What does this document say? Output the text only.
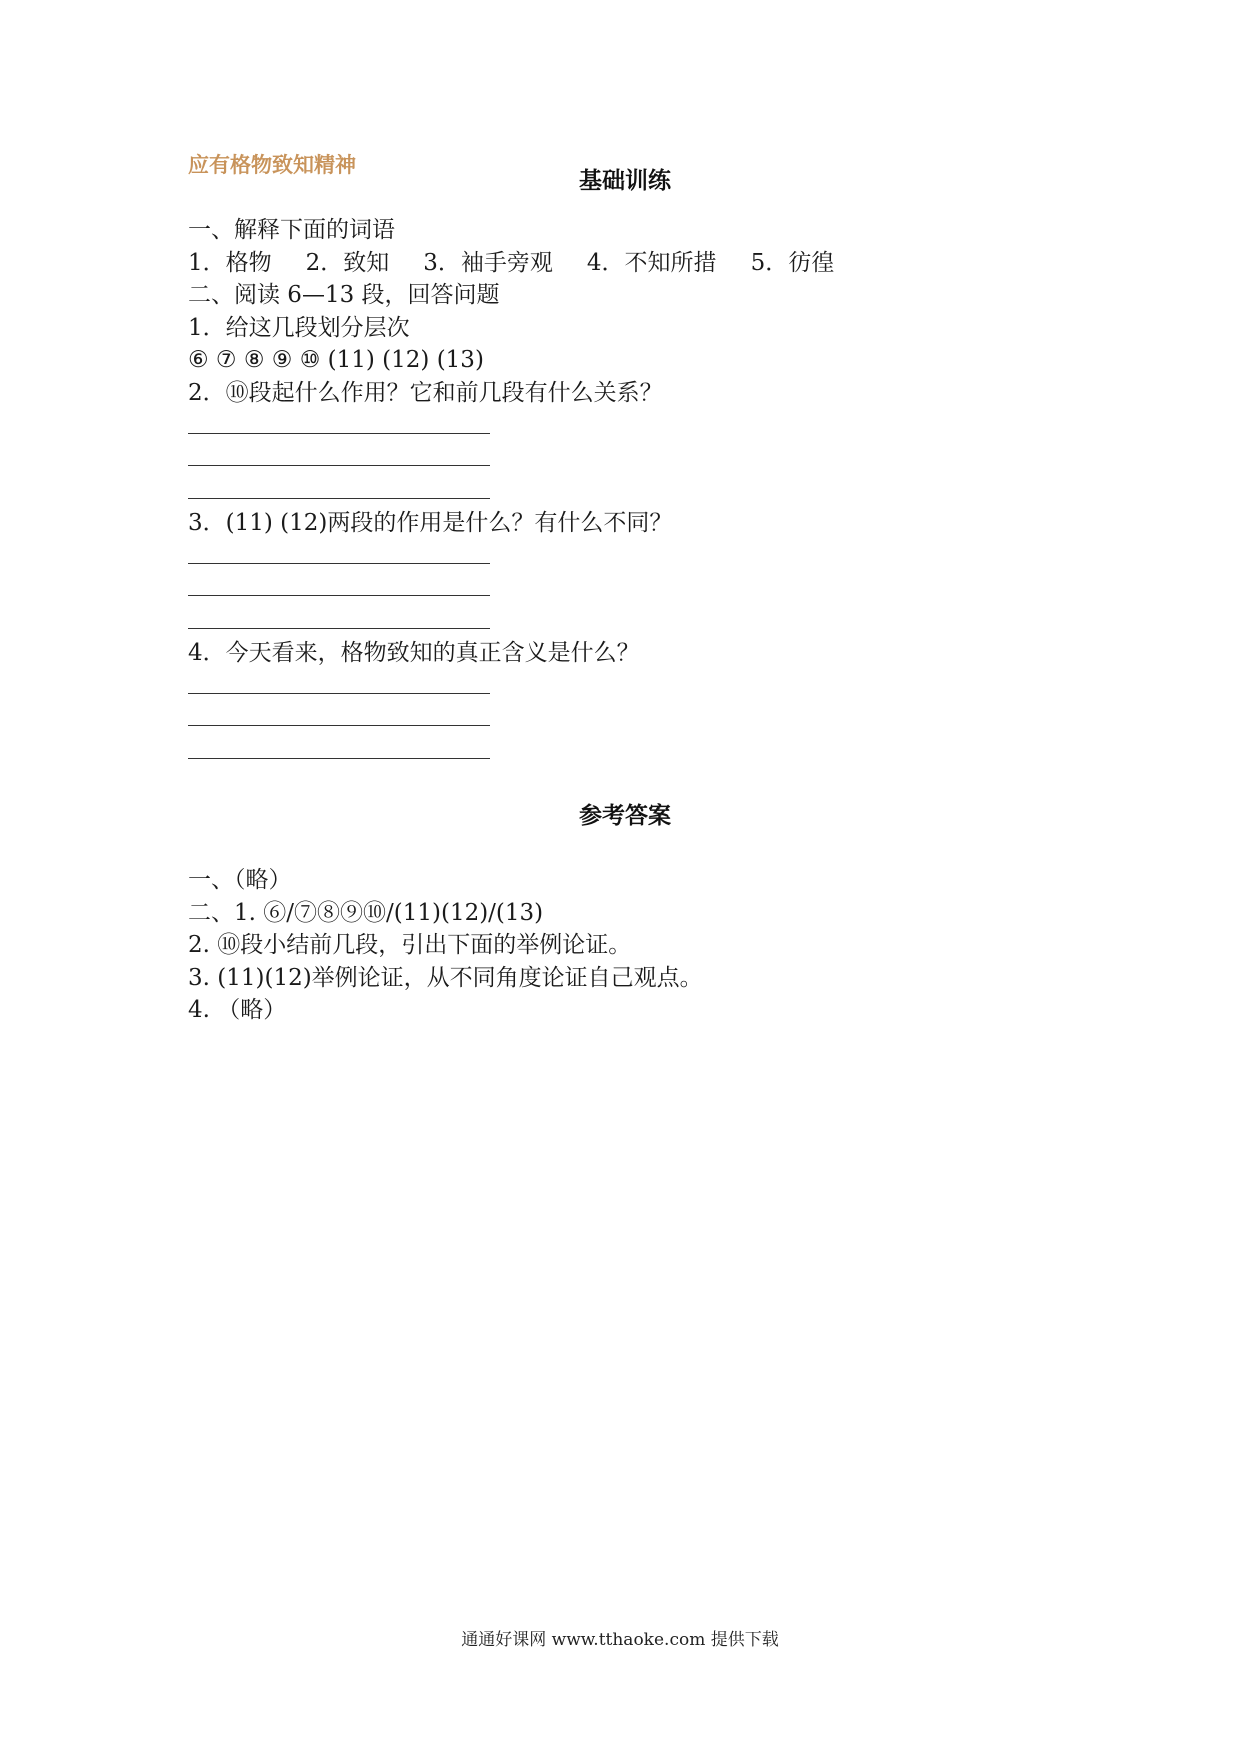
应有格物致知精神
基础训练
一、解释下面的词语
1．格物 2．致知 3．袖手旁观 4．不知所措 5．彷徨
二、阅读 6—13 段，回答问题
1．给这几段划分层次
⑥ ⑦ ⑧ ⑨ ⑩ (11) (12) (13)
2．⑩段起什么作用？它和前几段有什么关系？
3．(11) (12)两段的作用是什么？有什么不同？
4．今天看来，格物致知的真正含义是什么？
参考答案
一、（略）
二、1. ⑥/⑦⑧⑨⑩/(11)(12)/(13)
2. ⑩段小结前几段，引出下面的举例论证。
3. (11)(12)举例论证，从不同角度论证自己观点。
4. （略）
通通好课网 www.tthaoke.com 提供下载
